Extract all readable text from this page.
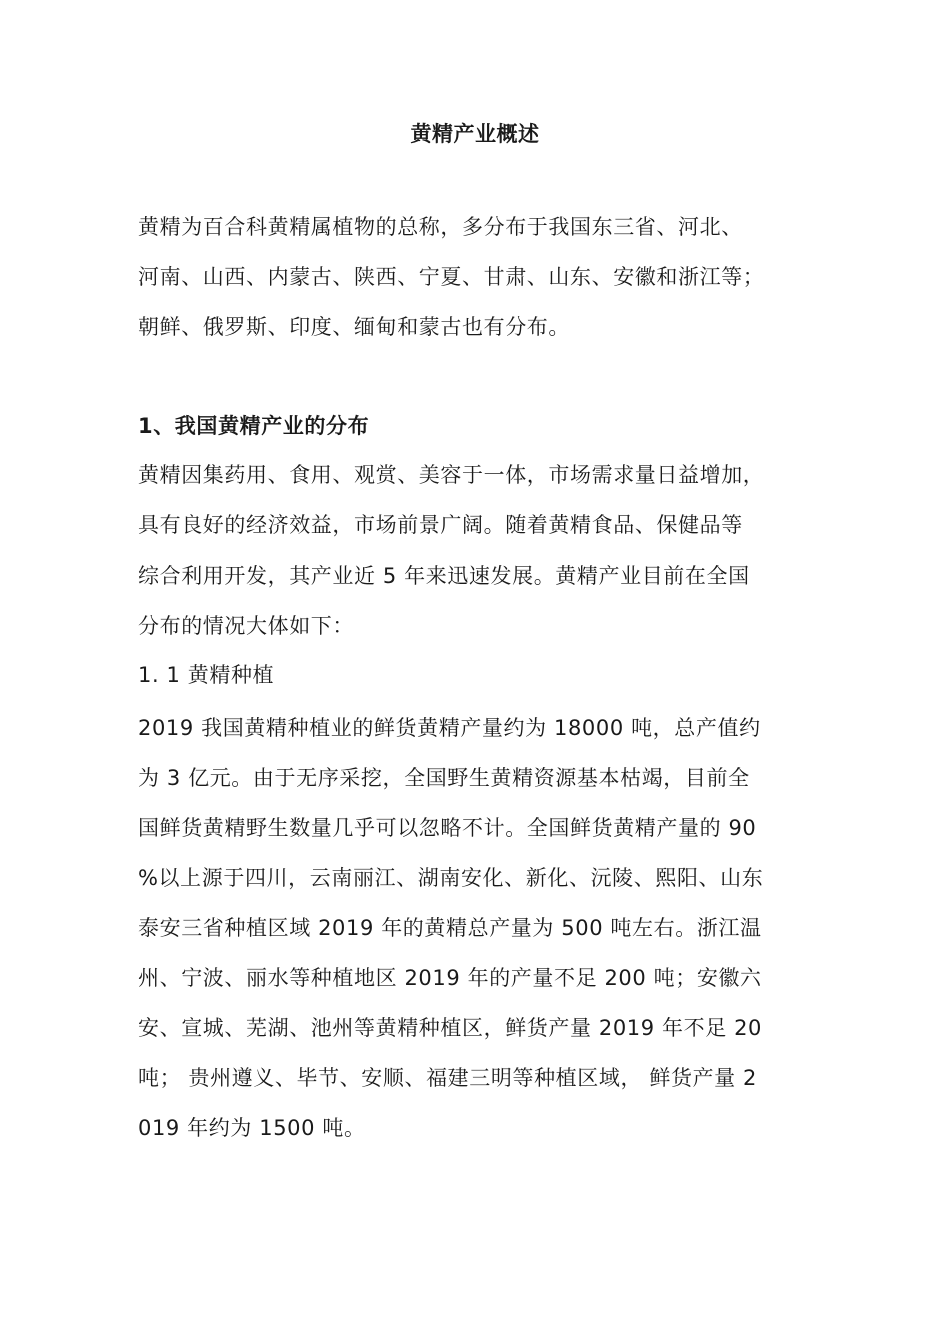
黄精产业概述
黄精为百合科黄精属植物的总称，多分布于我国东三省、河北、
河南、山西、内蒙古、陕西、宁夏、甘肃、山东、安徽和浙江等；
朝鲜、俄罗斯、印度、缅甸和蒙古也有分布。
1、我国黄精产业的分布
黄精因集药用、食用、观赏、美容于一体，市场需求量日益增加，
具有良好的经济效益，市场前景广阔。随着黄精食品、保健品等
综合利用开发，其产业近 5 年来迅速发展。黄精产业目前在全国
分布的情况大体如下：
1. 1 黄精种植
2019 我国黄精种植业的鲜货黄精产量约为 18000 吨，总产值约
为 3 亿元。由于无序采挖，全国野生黄精资源基本枯竭，目前全
国鲜货黄精野生数量几乎可以忽略不计。全国鲜货黄精产量的 90
%以上源于四川，云南丽江、湖南安化、新化、沅陵、熙阳、山东
泰安三省种植区域 2019 年的黄精总产量为 500 吨左右。浙江温
州、宁波、丽水等种植地区 2019 年的产量不足 200 吨；安徽六
安、宣城、芜湖、池州等黄精种植区，鲜货产量 2019 年不足 20
吨； 贵州遵义、毕节、安顺、福建三明等种植区域， 鲜货产量 2
019 年约为 1500 吨。
